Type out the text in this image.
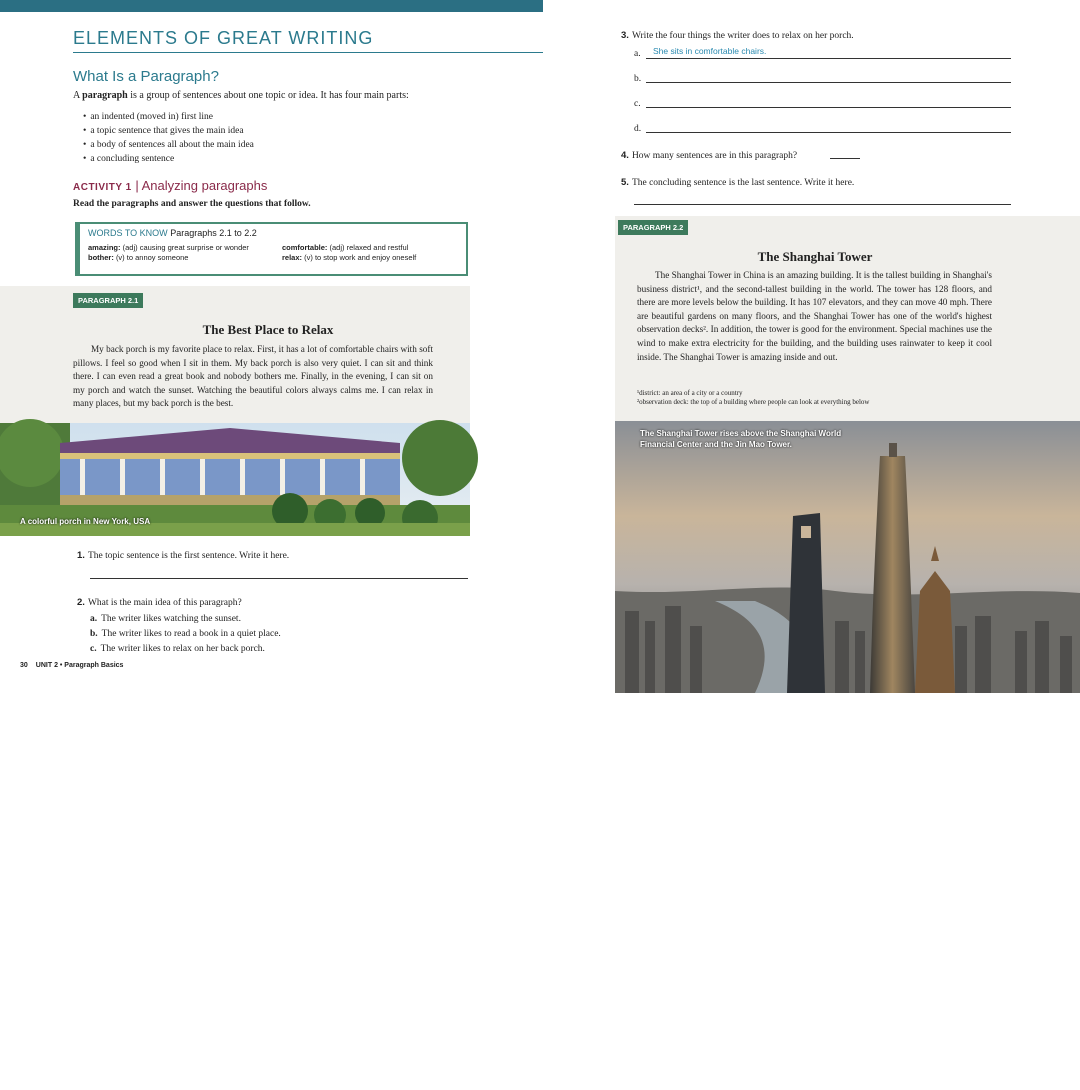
ELEMENTS OF GREAT WRITING
What Is a Paragraph?
A paragraph is a group of sentences about one topic or idea. It has four main parts:
• an indented (moved in) first line
• a topic sentence that gives the main idea
• a body of sentences all about the main idea
• a concluding sentence
ACTIVITY 1 | Analyzing paragraphs
Read the paragraphs and answer the questions that follow.
WORDS TO KNOW Paragraphs 2.1 to 2.2
amazing: (adj) causing great surprise or wonder	comfortable: (adj) relaxed and restful
bother: (v) to annoy someone	relax: (v) to stop work and enjoy oneself
PARAGRAPH 2.1
The Best Place to Relax
My back porch is my favorite place to relax. First, it has a lot of comfortable chairs with soft pillows. I feel so good when I sit in them. My back porch is also very quiet. I can sit and think there. I can even read a great book and nobody bothers me. Finally, in the evening, I can sit on my porch and watch the sunset. Watching the beautiful colors always calms me. I can relax in many places, but my back porch is the best.
A colorful porch in New York, USA
1. The topic sentence is the first sentence. Write it here.
2. What is the main idea of this paragraph?
a. The writer likes watching the sunset.
b. The writer likes to read a book in a quiet place.
c. The writer likes to relax on her back porch.
30 UNIT 2 • Paragraph Basics
3. Write the four things the writer does to relax on her porch.
a. She sits in comfortable chairs.
b.
c.
d.
4. How many sentences are in this paragraph?
5. The concluding sentence is the last sentence. Write it here.
PARAGRAPH 2.2
The Shanghai Tower
The Shanghai Tower in China is an amazing building. It is the tallest building in Shanghai's business district¹, and the second-tallest building in the world. The tower has 128 floors, and there are more levels below the building. It has 107 elevators, and they can move 40 mph. There are beautiful gardens on many floors, and the Shanghai Tower has one of the world's highest observation decks². In addition, the tower is good for the environment. Special machines use the wind to make extra electricity for the building, and the building uses rainwater to keep it cool inside. The Shanghai Tower is amazing inside and out.
¹district: an area of a city or a country
²observation deck: the top of a building where people can look at everything below
The Shanghai Tower rises above the Shanghai World Financial Center and the Jin Mao Tower.
31
